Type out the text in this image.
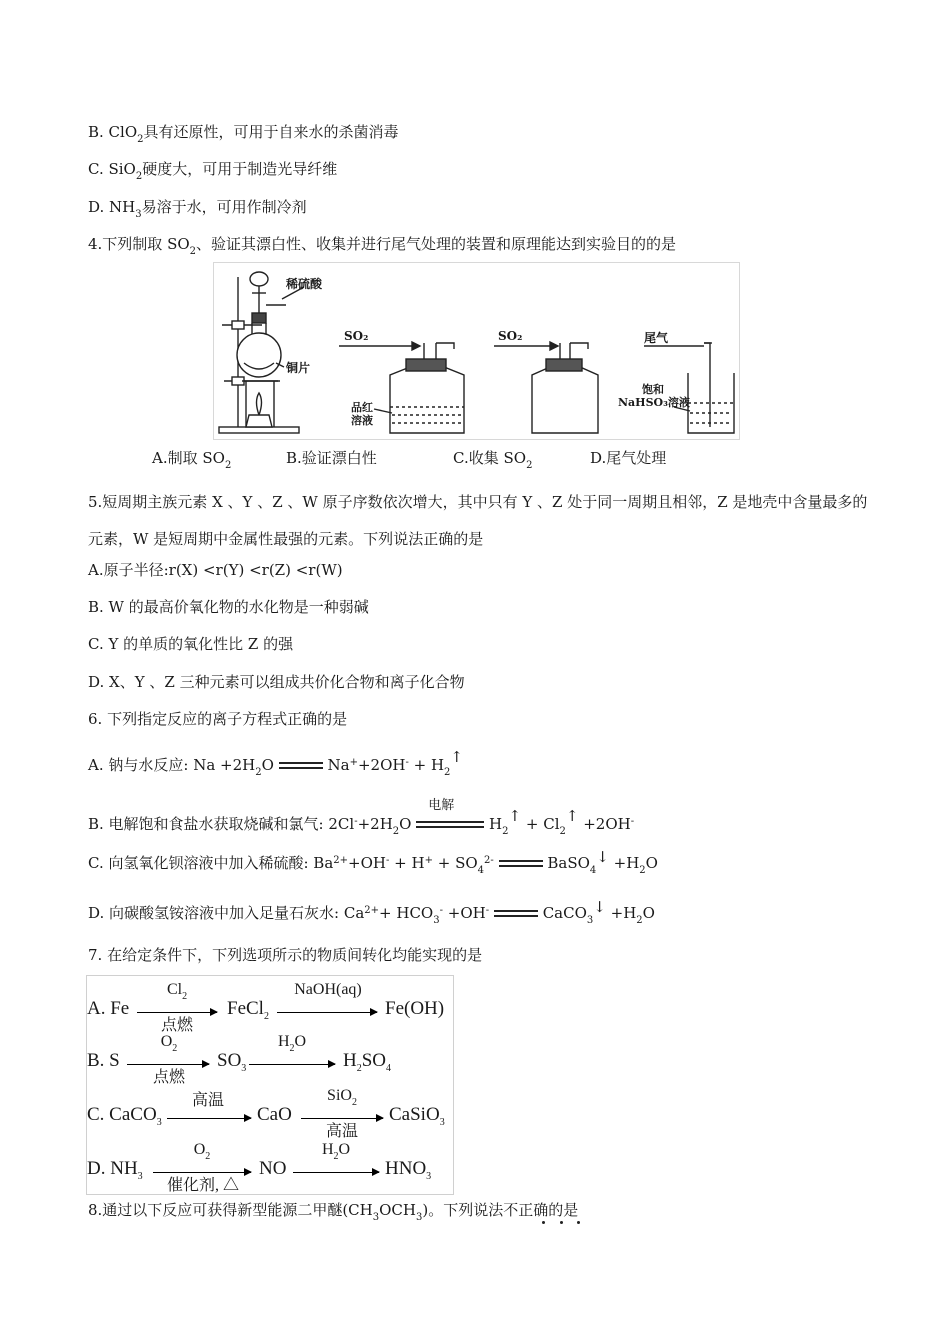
B. ClO$_2$具有还原性，可用于自来水的杀菌消毒
C. SiO$_2$硬度大，可用于制造光导纤维
D. $NH_3$易溶于水，可用作制冷剂
4.下列制取 $SO_2$、验证其漂白性、收集并进行尾气处理的装置和原理能达到实验目的的是
稀硫酸
铜片
SO₂	SO₂	尾气
品红
溶液
饱和
NaHSO₃溶液
A.制取 $SO_2$	B.验证漂白性	C.收集 $SO_2$	D.尾气处理
5.短周期主族元素 X 、Y 、Z 、W 原子序数依次增大，其中只有 Y 、Z 处于同一周期且相邻，Z 是地壳中含量最多的元素，W 是短周期中金属性最强的元素。下列说法正确的是
A.原子半径:r(X) <r(Y) <r(Z) <r(W)
B. W 的最高价氧化物的水化物是一种弱碱
C. Y 的单质的氧化性比 Z 的强
D. X、Y 、Z 三种元素可以组成共价化合物和离子化合物
6. 下列指定反应的离子方程式正确的是
A. 钠与水反应: $Na +2H_2O$	$Na^++2OH^- + H_2↑$
B. 电解饱和食盐水获取烧碱和氯气: $2Cl^-+2H_2O$
电解
$H_2↑$ + $Cl_2↑ +2OH^-$
C. 向氢氧化钡溶液中加入稀硫酸: $Ba^{2+}+OH^- + H^+ + SO_4^{2-}$	BaSO$_4$↓ $+H_2O$
D. 向碳酸氢铵溶液中加入足量石灰水: $Ca^{2+}+ HCO_3^- +OH^-$	CaCO$_3$↓ $+H_2O$
7. 在给定条件下，下列选项所示的物质间转化均能实现的是
A. Fe	FeCl$_2$	Fe(OH)
$Cl_2$
点燃
NaOH(aq)
B. S	$SO_3$	$H_2SO_4$
$O_2$
点燃
$H_2O$
C. CaCO$_3$	CaO	CaSiO$_3$
高温	SiO$_2$
高温
D. $NH_3$	NO	$HNO_3$
$O_2$
催化剂, △
$H_2O$
8.通过以下反应可获得新型能源二甲醚$(CH_3OCH_3)$。下列说法不正确的是
